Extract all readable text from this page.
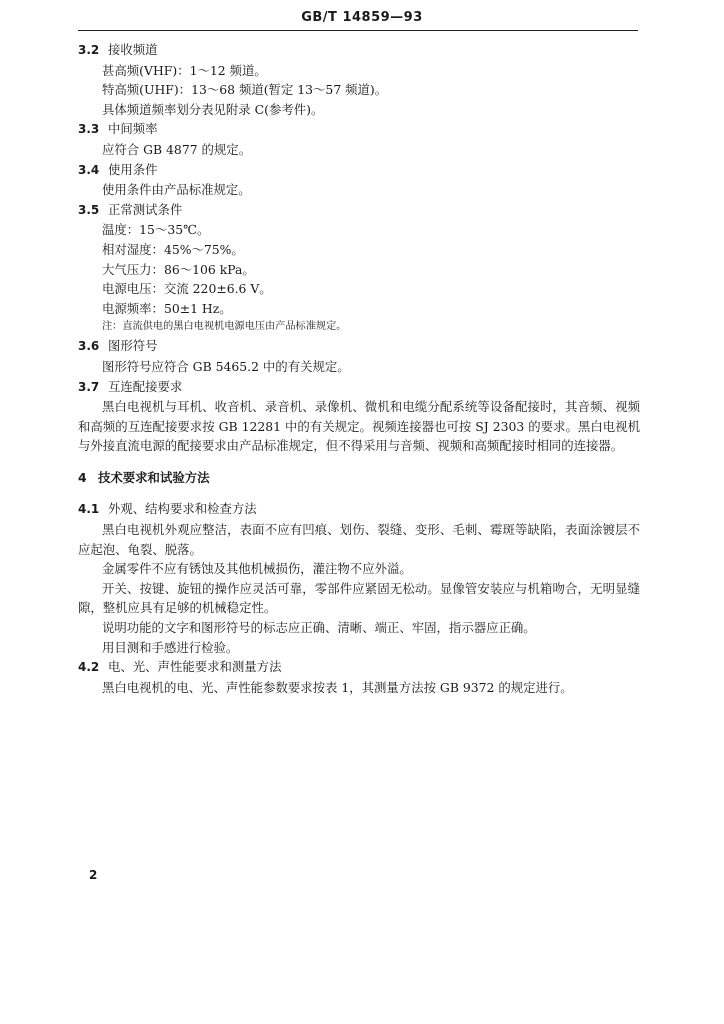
GB/T 14859—93
3.2 接收频道
甚高频(VHF)：1～12 频道。
特高频(UHF)：13～68 频道(暂定 13～57 频道)。
具体频道频率划分表见附录 C(参考件)。
3.3 中间频率
应符合 GB 4877 的规定。
3.4 使用条件
使用条件由产品标准规定。
3.5 正常测试条件
温度：15～35℃。
相对湿度：45%～75%。
大气压力：86～106 kPa。
电源电压：交流 220±6.6 V。
电源频率：50±1 Hz。
注：直流供电的黑白电视机电源电压由产品标准规定。
3.6 图形符号
图形符号应符合 GB 5465.2 中的有关规定。
3.7 互连配接要求

黑白电视机与耳机、收音机、录音机、录像机、微机和电缆分配系统等设备配接时，其音频、视频和高频的互连配接要求按 GB 12281 中的有关规定。视频连接器也可按 SJ 2303 的要求。黑白电视机与外接直流电源的配接要求由产品标准规定，但不得采用与音频、视频和高频配接时相同的连接器。

4 技术要求和试验方法
4.1 外观、结构要求和检查方法

黑白电视机外观应整洁，表面不应有凹痕、划伤、裂缝、变形、毛刺、霉斑等缺陷，表面涂镀层不应起泡、龟裂、脱落。

金属零件不应有锈蚀及其他机械损伤，灌注物不应外溢。

开关、按键、旋钮的操作应灵活可靠，零部件应紧固无松动。显像管安装应与机箱吻合，无明显缝隙，整机应具有足够的机械稳定性。

说明功能的文字和图形符号的标志应正确、清晰、端正、牢固，指示器应正确。

用目测和手感进行检验。

4.2 电、光、声性能要求和测量方法

黑白电视机的电、光、声性能参数要求按表 1，其测量方法按 GB 9372 的规定进行。

2
